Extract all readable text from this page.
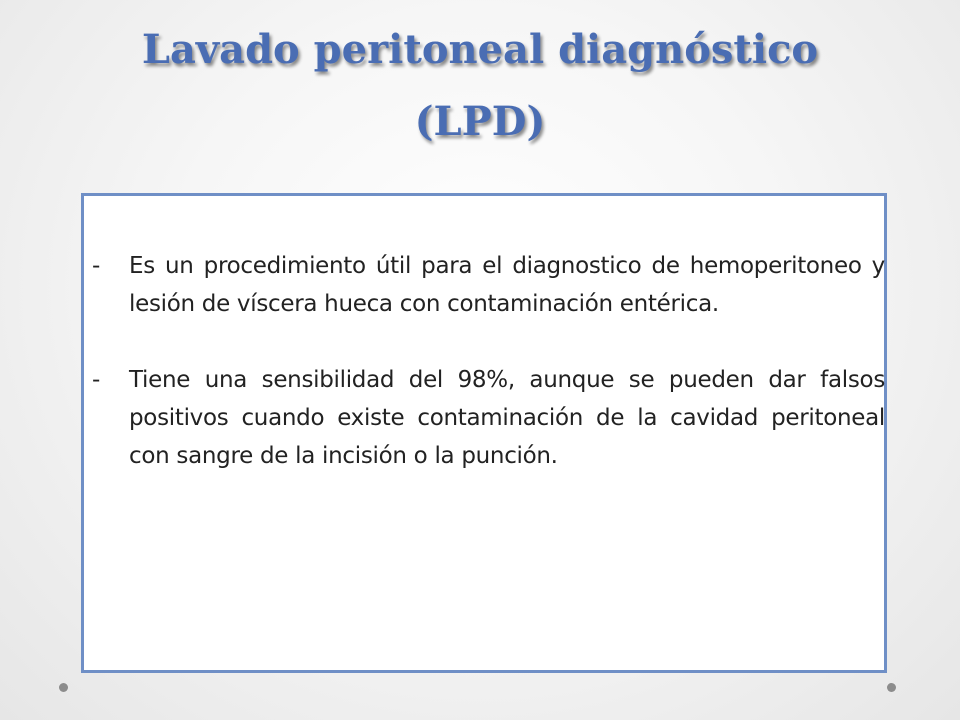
Lavado peritoneal diagnóstico
(LPD)
-	Es un procedimiento útil para el diagnostico de hemoperitoneo y lesión de víscera hueca con contaminación entérica.
-	Tiene una sensibilidad del 98%, aunque se pueden dar falsos positivos cuando existe contaminación de la cavidad peritoneal con sangre de la incisión o la punción.
